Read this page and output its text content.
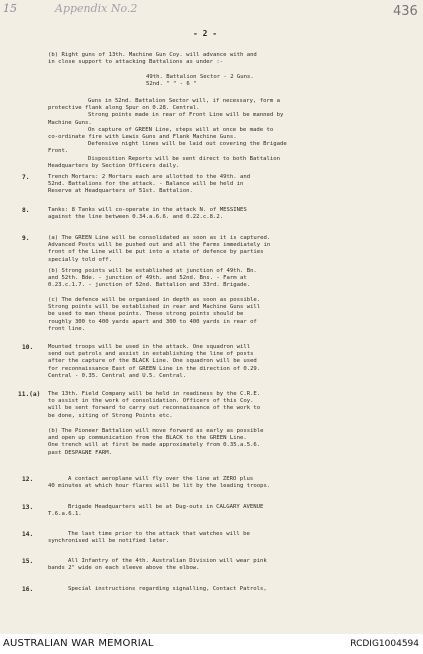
15	Appendix No.2	436
- 2 -
(b) Right guns of 13th. Machine Gun Coy. will advance with and
in close support to attacking Battalions as under :-
49th. Battalion Sector - 2 Guns.
52nd. " " - 6 "
Guns in 52nd. Battalion Sector will, if necessary, form a
protective flank along Spur on 0.28. Central.
Strong points made in rear of Front Line will be manned by
Machine Guns.
On capture of GREEN Line, steps will at once be made to
co-ordinate fire with Lewis Guns and Flank Machine Guns.
Defensive night lines will be laid out covering the Brigade
Front.
Disposition Reports will be sent direct to both Battalion
Headquarters by Section Officers daily.
7.	Trench Mortars: 2 Mortars each are allotted to the 49th. and
52nd. Battalions for the attack. - Balance will be held in
Reserve at Headquarters of 51st. Battalion.
8.	Tanks: 8 Tanks will co-operate in the attack N. of MESSINES
against the line between 0.34.a.6.6. and 0.22.c.8.2.
9.	(a) The GREEN Line will be consolidated as soon as it is captured.
Advanced Posts will be pushed out and all the Farms immediately in
front of the Line will be put into a state of defence by parties
specially told off.
(b) Strong points will be established at junction of 49th. Bn.
and 52th. Bde. - junction of 49th. and 52nd. Bns. - Farm at
0.23.c.1.7. - junction of 52nd. Battalion and 33rd. Brigade.
(c) The defence will be organised in depth as soon as possible.
Strong points will be established in rear and Machine Guns will
be used to man these points. These strong points should be
roughly 300 to 400 yards apart and 300 to 400 yards in rear of
front line.
10.	Mounted troops will be used in the attack. One squadron will
send out patrols and assist in establishing the line of posts
after the capture of the BLACK Line. One squadron will be used
for reconnaissance East of GREEN Line in the direction of 0.29.
Central - 0.35. Central and U.5. Central.
11.(a) The 13th. Field Company will be held in readiness by the C.R.E.
to assist in the work of consolidation. Officers of this Coy.
will be sent forward to carry out reconnaissance of the work to
be done, siting of Strong Points etc.
(b) The Pioneer Battalion will move forward as early as possible
and open up communication from the BLACK to the GREEN Line.
One trench will at first be made approximately from 0.35.a.5.6.
past DESPAGNE FARM.
12.	A contact aeroplane will fly over the line at ZERO plus
40 minutes at which hour flares will be lit by the leading troops.
13.	Brigade Headquarters will be at Dug-outs in CALGARY AVENUE
T.6.a.6.1.
14.	The last time prior to the attack that watches will be
synchronised will be notified later.
15.	All Infantry of the 4th. Australian Division will wear pink
bands 2" wide on each sleeve above the elbow.
16.	Special instructions regarding signalling, Contact Patrols,
AUSTRALIAN WAR MEMORIAL	RCDIG1004594
